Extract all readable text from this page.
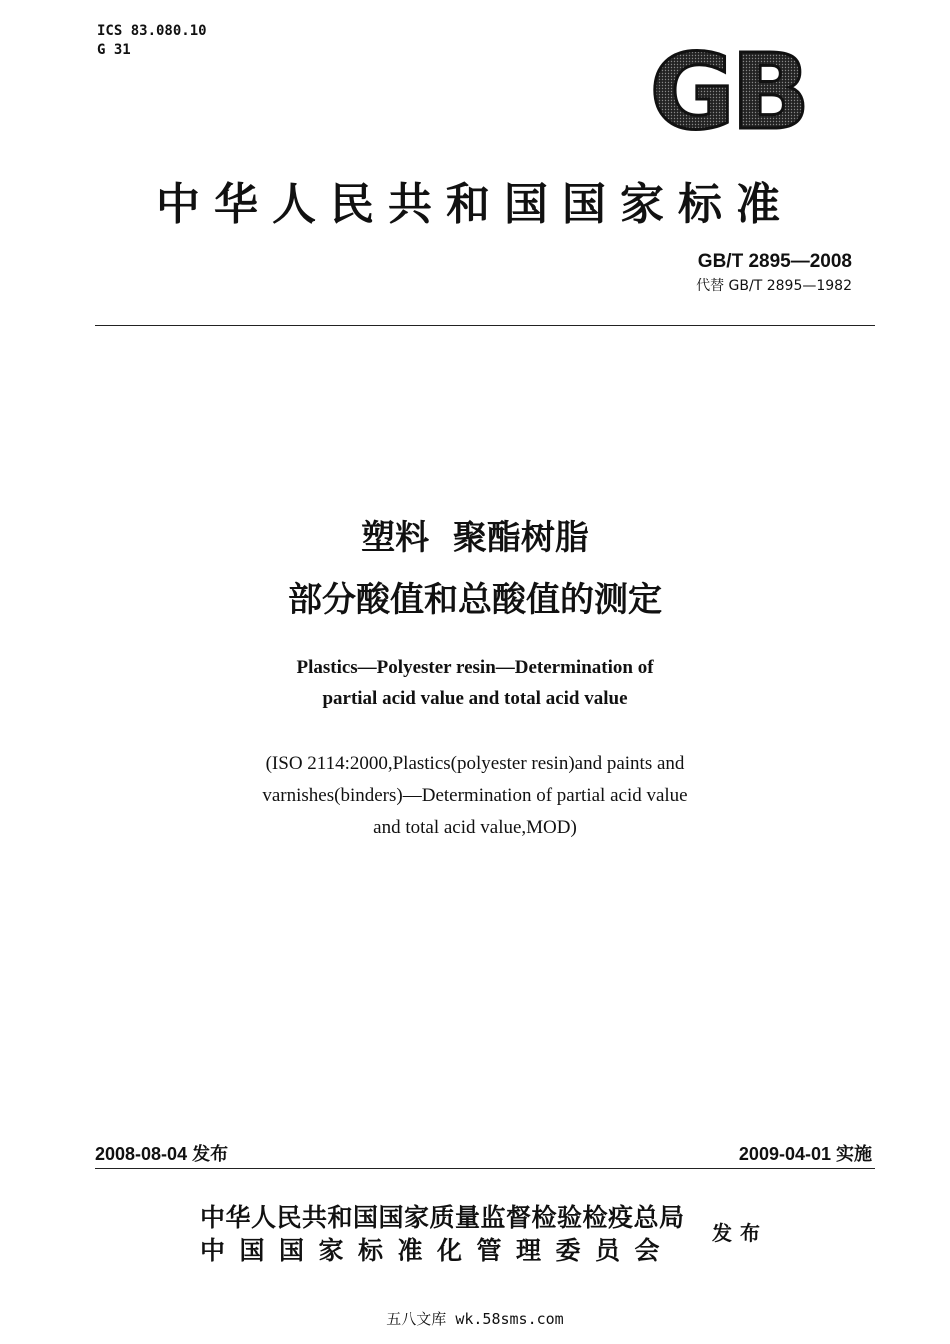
ICS 83.080.10
G 31	GB
中华人民共和国国家标准
GB/T 2895—2008
代替 GB/T 2895—1982
塑料  聚酯树脂
部分酸值和总酸值的测定
Plastics—Polyester resin—Determination of
partial acid value and total acid value
(ISO 2114:2000,Plastics(polyester resin)and paints and
varnishes(binders)—Determination of partial acid value
and total acid value,MOD)
2008-08-04 发布	2009-04-01 实施
中华人民共和国国家质量监督检验检疫总局
中国国家标准化管理委员会
发布
五八文库 wk.58sms.com
